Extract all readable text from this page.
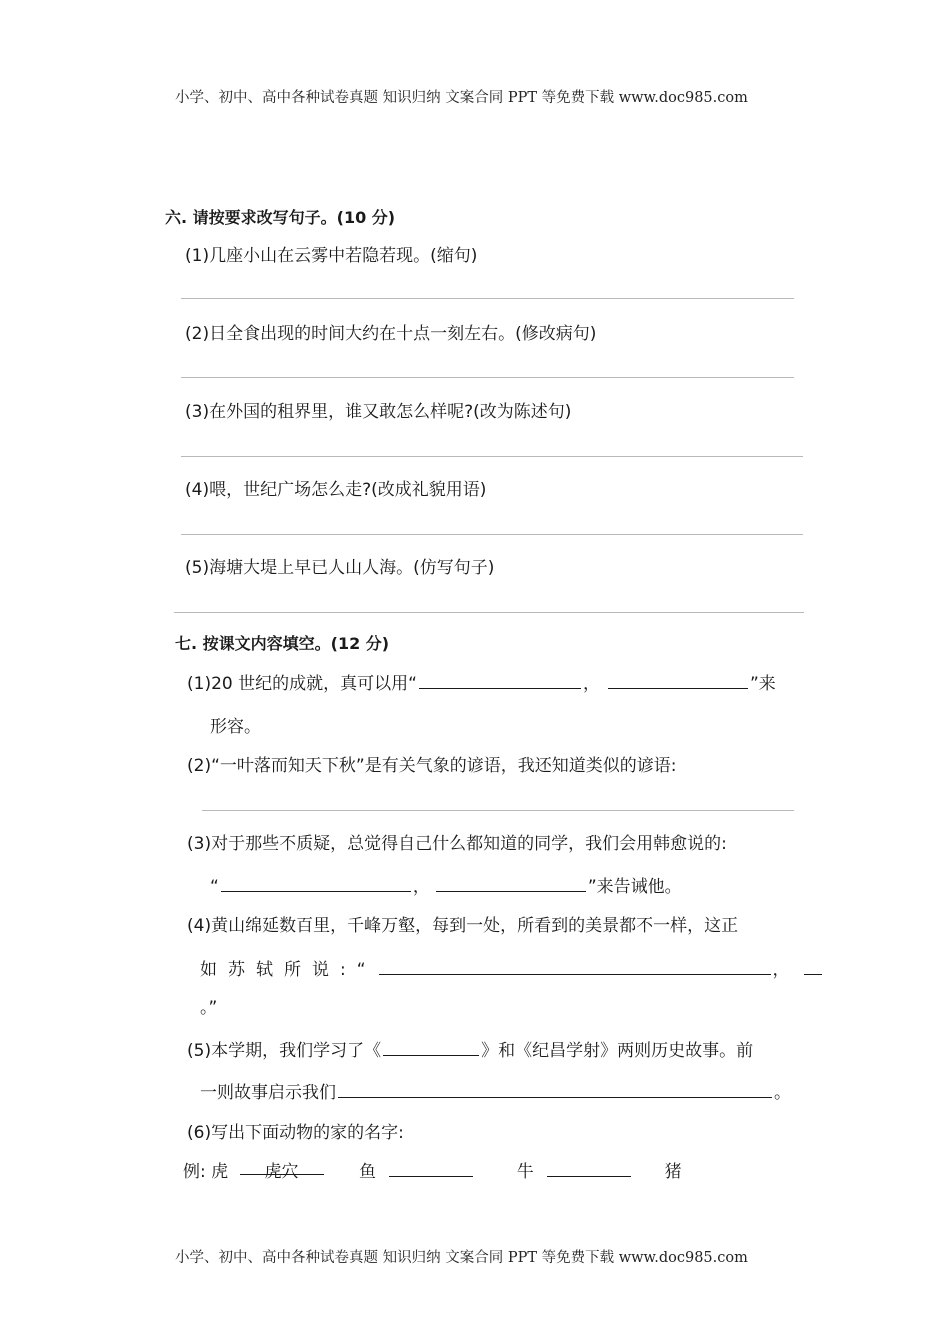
小学、初中、高中各种试卷真题 知识归纳 文案合同 PPT 等免费下载 www.doc985.com
六. 请按要求改写句子。(10 分)
(1)几座小山在云雾中若隐若现。(缩句)
(2)日全食出现的时间大约在十点一刻左右。(修改病句)
(3)在外国的租界里，谁又敢怎么样呢?(改为陈述句)
(4)喂，世纪广场怎么走?(改成礼貌用语)
(5)海塘大堤上早已人山人海。(仿写句子)
七. 按课文内容填空。(12 分)
(1)20 世纪的成就，真可以用“	，	”来
形容。
(2)“一叶落而知天下秋”是有关气象的谚语，我还知道类似的谚语:
(3)对于那些不质疑，总觉得自己什么都知道的同学，我们会用韩愈说的:
“	，	”来告诫他。
(4)黄山绵延数百里，千峰万壑，每到一处，所看到的美景都不一样，这正
如苏轼所说:“	，
。”
(5)本学期，我们学习了《	》和《纪昌学射》两则历史故事。前
一则故事启示我们	。
(6)写出下面动物的家的名字:
例: 虎 虎穴	鱼	牛	猪
小学、初中、高中各种试卷真题 知识归纳 文案合同 PPT 等免费下载 www.doc985.com
